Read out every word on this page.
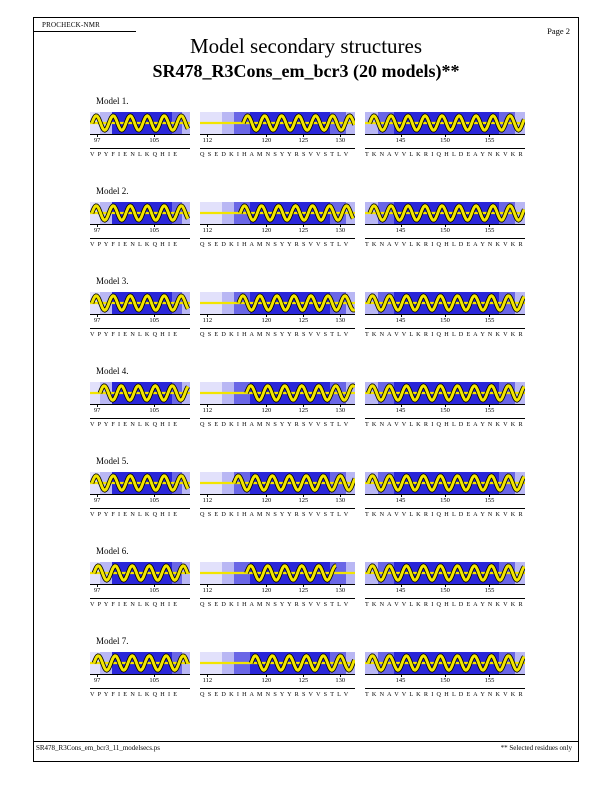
PROCHECK-NMR
Page 2
Model secondary structures
SR478_R3Cons_em_bcr3 (20 models)**
Model 1.
97	105
V P Y F I E N L K Q H I E
112	120	125	130
Q S E D K I H A M N S Y Y R S V V S T L V
145	150	155
T K N A V V L K R I Q H L D E A Y N K V K R
Model 2.
97	105
V P Y F I E N L K Q H I E
112	120	125	130
Q S E D K I H A M N S Y Y R S V V S T L V
145	150	155
T K N A V V L K R I Q H L D E A Y N K V K R
Model 3.
97	105
V P Y F I E N L K Q H I E
112	120	125	130
Q S E D K I H A M N S Y Y R S V V S T L V
145	150	155
T K N A V V L K R I Q H L D E A Y N K V K R
Model 4.
97	105
V P Y F I E N L K Q H I E
112	120	125	130
Q S E D K I H A M N S Y Y R S V V S T L V
145	150	155
T K N A V V L K R I Q H L D E A Y N K V K R
Model 5.
97	105
V P Y F I E N L K Q H I E
112	120	125	130
Q S E D K I H A M N S Y Y R S V V S T L V
145	150	155
T K N A V V L K R I Q H L D E A Y N K V K R
Model 6.
97	105
V P Y F I E N L K Q H I E
112	120	125	130
Q S E D K I H A M N S Y Y R S V V S T L V
145	150	155
T K N A V V L K R I Q H L D E A Y N K V K R
Model 7.
97	105
V P Y F I E N L K Q H I E
112	120	125	130
Q S E D K I H A M N S Y Y R S V V S T L V
145	150	155
T K N A V V L K R I Q H L D E A Y N K V K R
SR478_R3Cons_em_bcr3_11_modelsecs.ps	** Selected residues only
